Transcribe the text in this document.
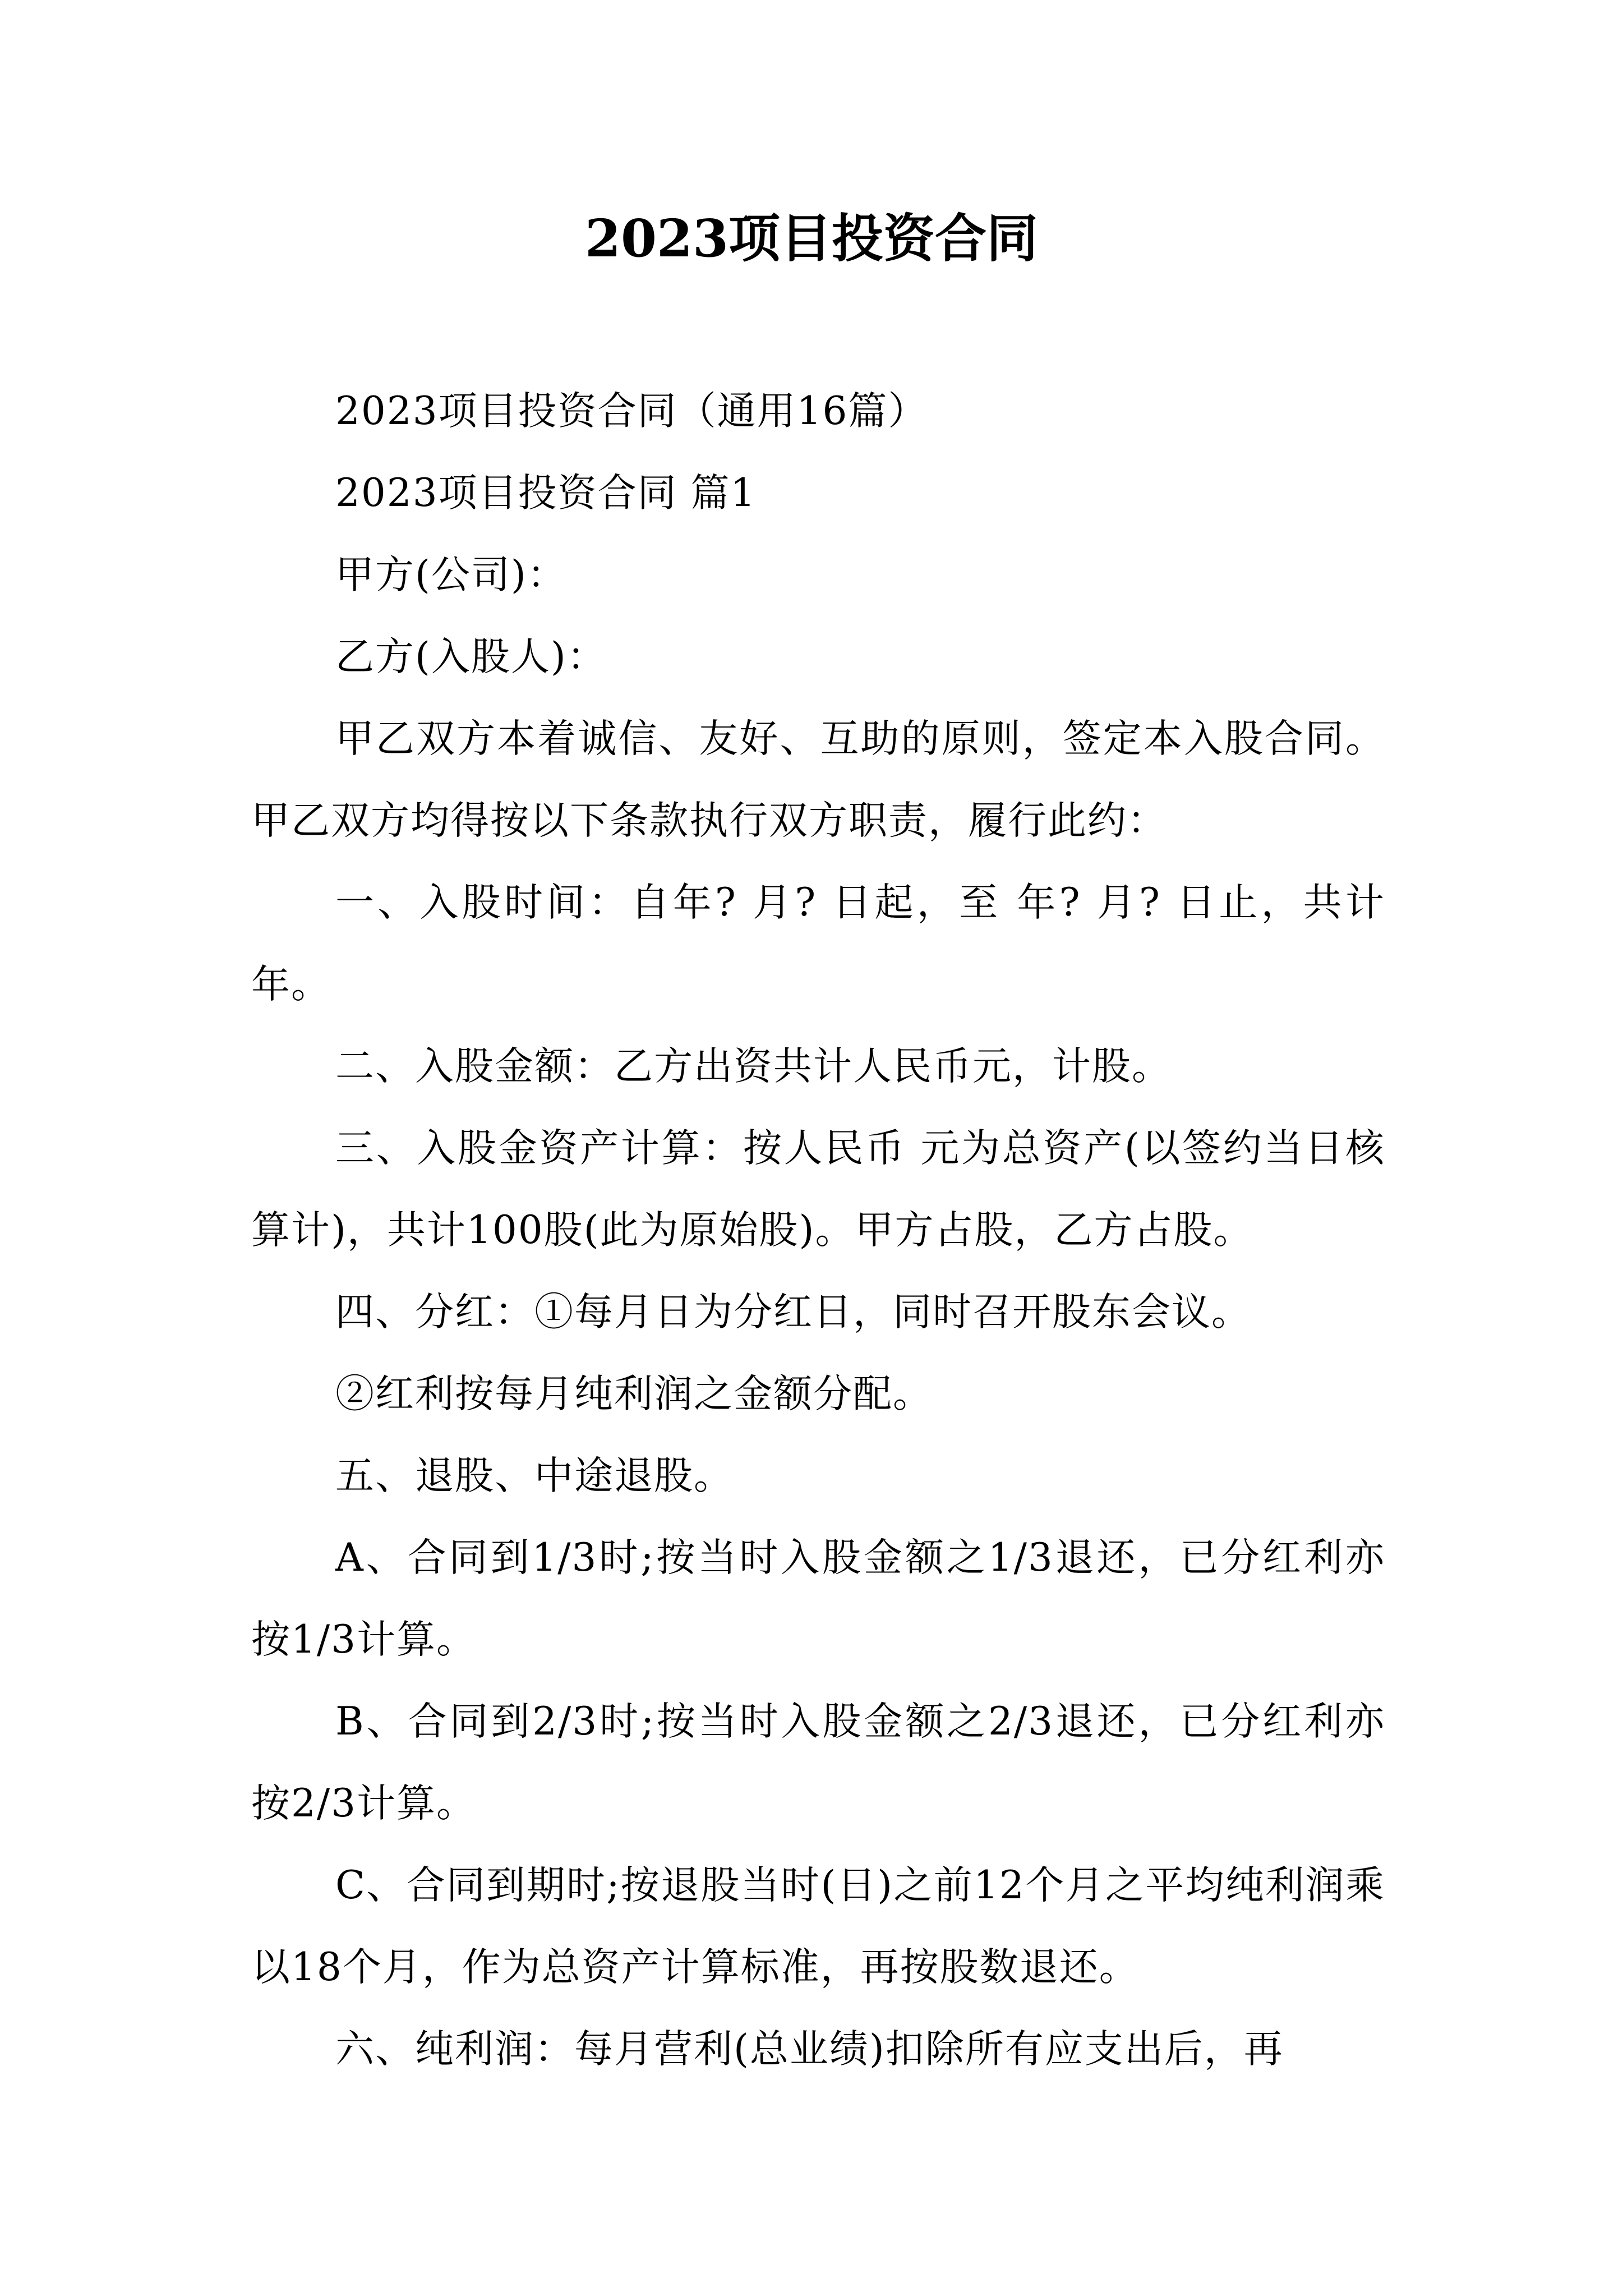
2023项目投资合同

2023项目投资合同（通用16篇）

2023项目投资合同 篇1

甲方(公司)：

乙方(入股人)：

甲乙双方本着诚信、友好、互助的原则，签定本入股合同。甲乙双方均得按以下条款执行双方职责，履行此约：

一、入股时间：自年? 月? 日起，至 年? 月? 日止，共计 年。

二、入股金额：乙方出资共计人民币元，计股。

三、入股金资产计算：按人民币 元为总资产(以签约当日核算计)，共计100股(此为原始股)。甲方占股，乙方占股。

四、分红：①每月日为分红日，同时召开股东会议。

②红利按每月纯利润之金额分配。

五、退股、中途退股。

A、合同到1/3时;按当时入股金额之1/3退还，已分红利亦按1/3计算。

B、合同到2/3时;按当时入股金额之2/3退还，已分红利亦按2/3计算。

C、合同到期时;按退股当时(日)之前12个月之平均纯利润乘以18个月，作为总资产计算标准，再按股数退还。

六、纯利润：每月营利(总业绩)扣除所有应支出后，再
